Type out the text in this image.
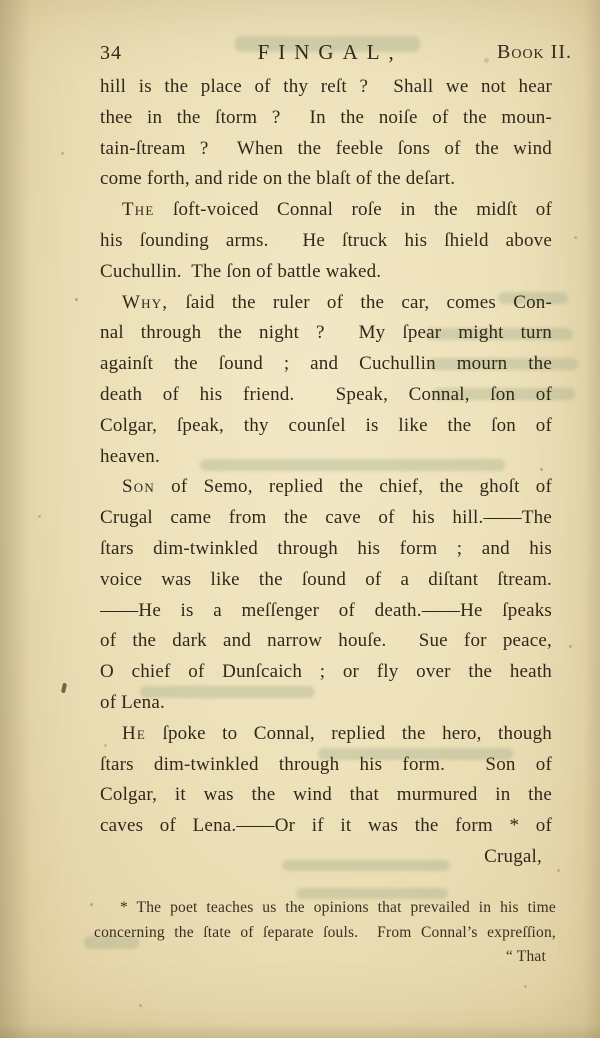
34	FINGAL,	Book II.
hill is the place of thy reſt ?  Shall we not hear
thee in the ſtorm ?  In the noiſe of the moun-
tain-ſtream ?  When the feeble ſons of the wind
come forth, and ride on the blaſt of the deſart.
The ſoft-voiced Connal roſe in the midſt of
his ſounding arms.  He ſtruck his ſhield above
Cuchullin.  The ſon of battle waked.
Why, ſaid the ruler of the car, comes Con-
nal through the night ?  My ſpear might turn
againſt the ſound ; and Cuchullin mourn the
death of his friend.  Speak, Connal, ſon of
Colgar, ſpeak, thy counſel is like the ſon of
heaven.
Son of Semo, replied the chief, the ghoſt of
Crugal came from the cave of his hill.——The
ſtars dim-twinkled through his form ; and his
voice was like the ſound of a diſtant ſtream.
——He is a meſſenger of death.——He ſpeaks
of the dark and narrow houſe.  Sue for peace,
O chief of Dunſcaich ; or fly over the heath
of Lena.
He ſpoke to Connal, replied the hero, though
ſtars dim-twinkled through his form.  Son of
Colgar, it was the wind that murmured in the
caves of Lena.——Or if it was the form * of
Crugal,
* The poet teaches us the opinions that prevailed in his time
concerning the ſtate of ſeparate ſouls.  From Connal’s expreſſion,
“ That
